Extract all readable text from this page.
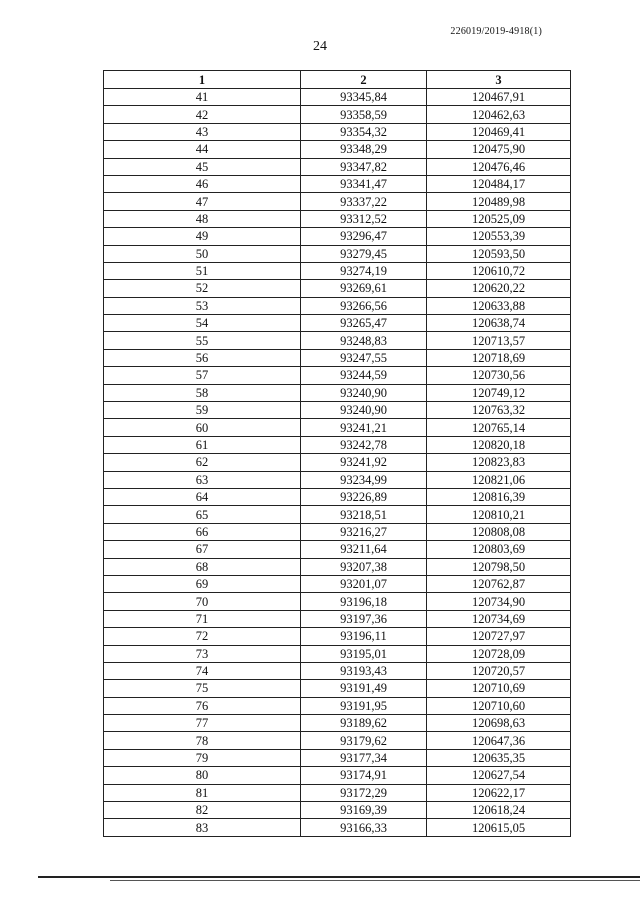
226019/2019-4918(1)
24
1	2	3
41	93345,84	120467,91
42	93358,59	120462,63
43	93354,32	120469,41
44	93348,29	120475,90
45	93347,82	120476,46
46	93341,47	120484,17
47	93337,22	120489,98
48	93312,52	120525,09
49	93296,47	120553,39
50	93279,45	120593,50
51	93274,19	120610,72
52	93269,61	120620,22
53	93266,56	120633,88
54	93265,47	120638,74
55	93248,83	120713,57
56	93247,55	120718,69
57	93244,59	120730,56
58	93240,90	120749,12
59	93240,90	120763,32
60	93241,21	120765,14
61	93242,78	120820,18
62	93241,92	120823,83
63	93234,99	120821,06
64	93226,89	120816,39
65	93218,51	120810,21
66	93216,27	120808,08
67	93211,64	120803,69
68	93207,38	120798,50
69	93201,07	120762,87
70	93196,18	120734,90
71	93197,36	120734,69
72	93196,11	120727,97
73	93195,01	120728,09
74	93193,43	120720,57
75	93191,49	120710,69
76	93191,95	120710,60
77	93189,62	120698,63
78	93179,62	120647,36
79	93177,34	120635,35
80	93174,91	120627,54
81	93172,29	120622,17
82	93169,39	120618,24
83	93166,33	120615,05
